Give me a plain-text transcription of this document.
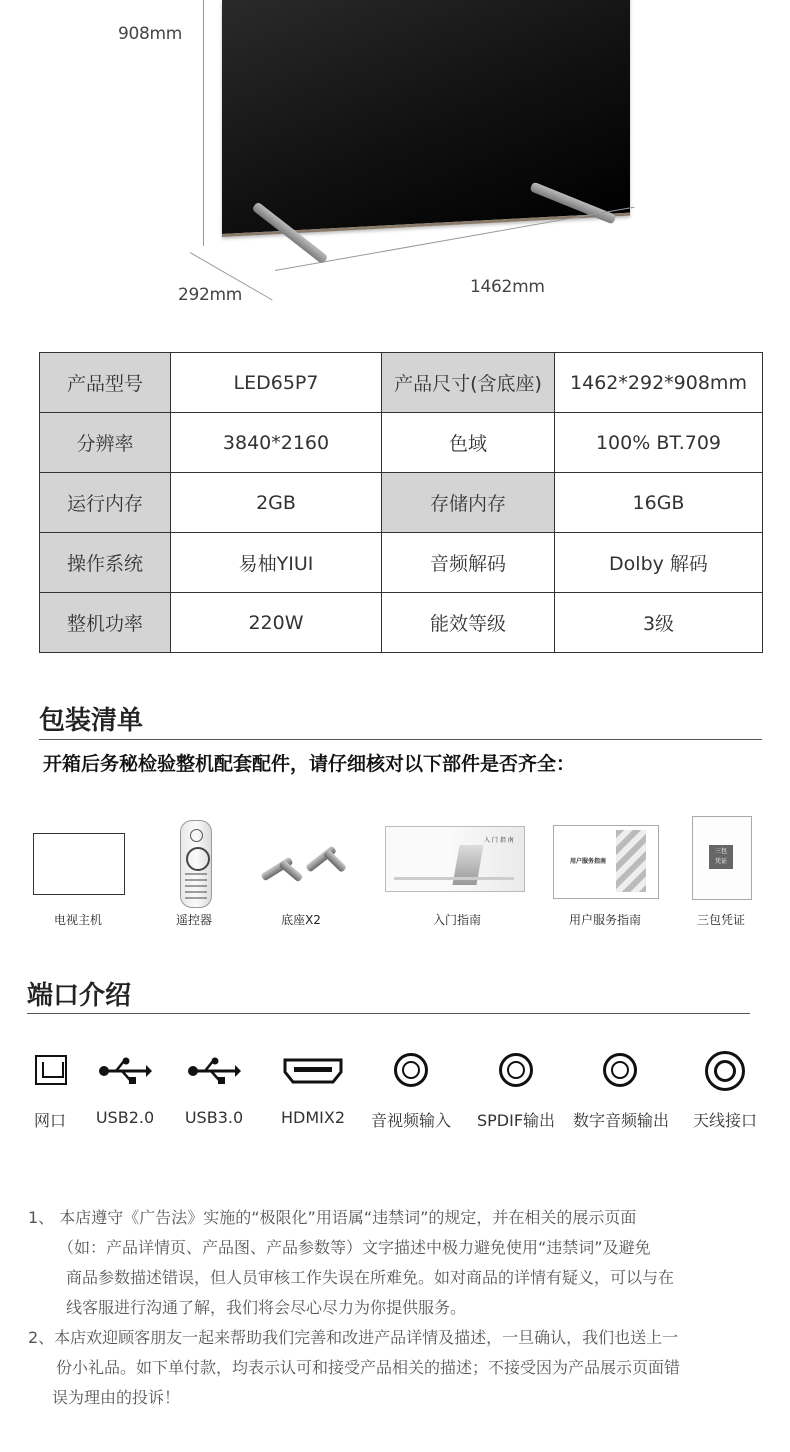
908mm
292mm	1462mm
产品型号	LED65P7	产品尺寸(含底座)	1462*292*908mm
分辨率	3840*2160	色域	100% BT.709
运行内存	2GB	存储内存	16GB
操作系统	易柚YIUI	音频解码	Dolby 解码
整机功率	220W	能效等级	3级
包装清单
开箱后务秘检验整机配套配件，请仔细核对以下部件是否齐全：
电视主机	遥控器	底座X2
入 门 指 南
入门指南
用户服务指南
用户服务指南
三包
凭证
三包凭证
端口介绍
网口	USB2.0	USB3.0	HDMIX2	音视频输入	SPDIF输出	数字音频输出	天线接口
1、 本店遵守《广告法》实施的“极限化”用语属“违禁词”的规定，并在相关的展示页面
（如：产品详情页、产品图、产品参数等）文字描述中极力避免使用“违禁词”及避免
商品参数描述错误，但人员审核工作失误在所难免。如对商品的详情有疑义，可以与在
线客服进行沟通了解，我们将会尽心尽力为你提供服务。
2、本店欢迎顾客朋友一起来帮助我们完善和改进产品详情及描述，一旦确认，我们也送上一
份小礼品。如下单付款，均表示认可和接受产品相关的描述；不接受因为产品展示页面错
误为理由的投诉！
